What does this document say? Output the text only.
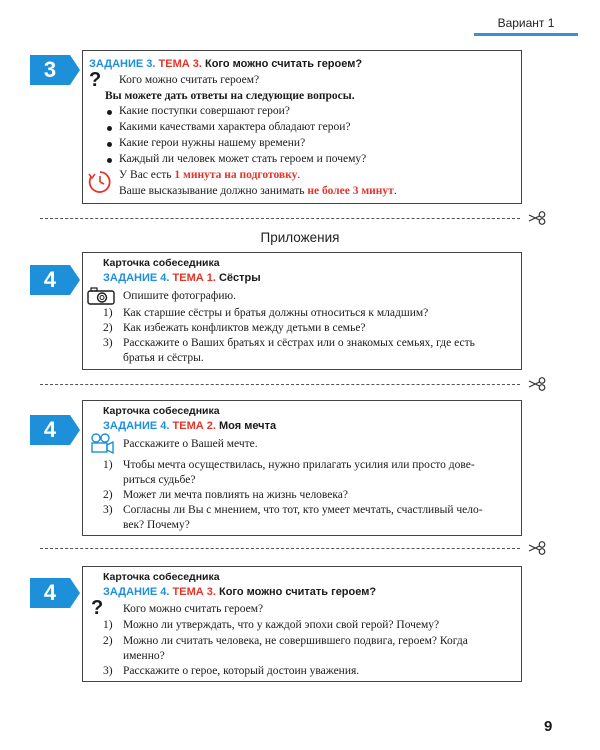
Вариант 1
3	ЗАДАНИЕ 3. ТЕМА 3. Кого можно считать героем?
? Кого можно считать героем?
Вы можете дать ответы на следующие вопросы.
Какие поступки совершают герои?
Какими качествами характера обладают герои?
Какие герои нужны нашему времени?
Каждый ли человек может стать героем и почему?
У Вас есть 1 минута на подготовку.
Ваше высказывание должно занимать не более 3 минут.
Приложения
4
Карточка собеседника
ЗАДАНИЕ 4. ТЕМА 1. Сёстры
Опишите фотографию.
1) Как старшие сёстры и братья должны относиться к младшим?
2) Как избежать конфликтов между детьми в семье?
3) Расскажите о Ваших братьях и сёстрах или о знакомых семьях, где есть
братья и сёстры.
4
Карточка собеседника
ЗАДАНИЕ 4. ТЕМА 2. Моя мечта
Расскажите о Вашей мечте.
1) Чтобы мечта осуществилась, нужно прилагать усилия или просто дове-
риться судьбе?
2) Может ли мечта повлиять на жизнь человека?
3) Согласны ли Вы с мнением, что тот, кто умеет мечтать, счастливый чело-
век? Почему?
4
Карточка собеседника
ЗАДАНИЕ 4. ТЕМА 3. Кого можно считать героем?
? Кого можно считать героем?
1) Можно ли утверждать, что у каждой эпохи свой герой? Почему?
2) Можно ли считать человека, не совершившего подвига, героем? Когда
именно?
3) Расскажите о герое, который достоин уважения.
9
